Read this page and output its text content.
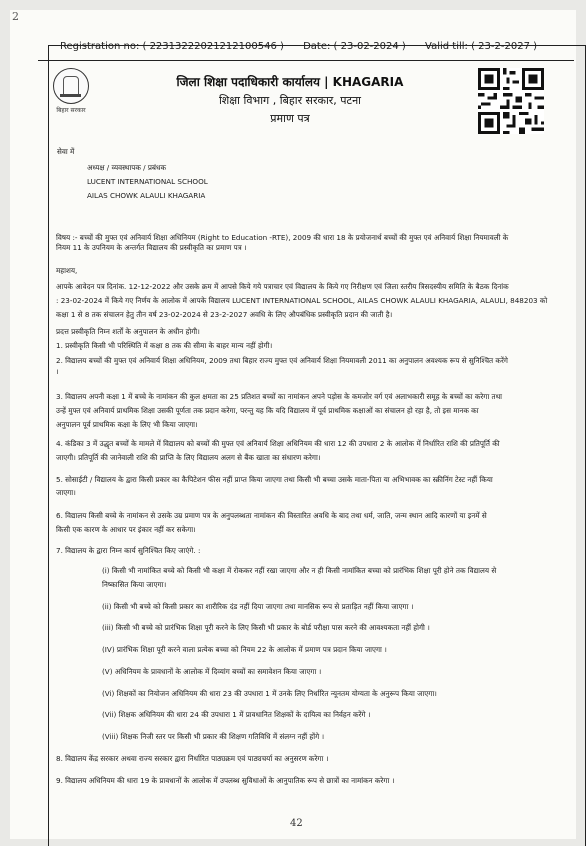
2
Registration no: ( 22313222021212100546 ) Date: ( 23-02-2024 ) Valid till: ( 23-2-2027 )
बिहार सरकार
जिला शिक्षा पदाधिकारी कार्यालय | KHAGARIA
शिक्षा विभाग , बिहार सरकार, पटना
प्रमाण पत्र
सेवा में
अध्यक्ष / व्यवस्थापक / प्रबंधक
LUCENT INTERNATIONAL SCHOOL
AILAS CHOWK ALAULI KHAGARIA
विषय :- बच्चों की मुफ्त एवं अनिवार्य शिक्षा अधिनियम (Right to Education -RTE), 2009 की धारा 18 के प्रयोजनार्थ बच्चों की मुफ्त एवं अनिवार्य शिक्षा नियमावली के
नियम 11 के उपनियम के अन्तर्गत विद्यालय की प्रस्वीकृति का प्रमाण पत्र ।
महाशय,
आपके आवेदन पत्र दिनांक. 12-12-2022 और उसके क्रम में आपसे किये गये पत्राचार एवं विद्यालय के किये गए निरीक्षण एवं जिला स्तरीय त्रिसदस्यीय समिति के बैठक दिनांक
: 23-02-2024 में किये गए निर्णय के आलोक में आपके विद्यालय LUCENT INTERNATIONAL SCHOOL, AILAS CHOWK ALAULI KHAGARIA, ALAULI, 848203 को
कक्षा 1 से 8 तक संचालन हेतु तीन वर्ष 23-02-2024 से 23-2-2027 अवधि के लिए औपबंधिक प्रस्वीकृति प्रदान की जाती है।
प्रदत्त प्रस्वीकृति निम्न शर्तों के अनुपालन के अधीन होगी।
1. प्रस्वीकृति किसी भी परिस्थिति में कक्षा 8 तक की सीमा के बाहर मान्य नहीं होगी।
2. विद्यालय बच्चों की मुफ्त एवं अनिवार्य शिक्षा अधिनियम, 2009 तथा बिहार राज्य मुफ्त एवं अनिवार्य शिक्षा नियमावली 2011 का अनुपालन अवश्यक रूप से सुनिश्चित करेंगे
।
3. विद्यालय अपनी कक्षा 1 में बच्चे के नामांकन की कुल क्षमता का 25 प्रतिशत बच्चों का नामांकन अपने पड़ोस के कमजोर वर्ग एवं अलाभकारी समूह के बच्चों का करेगा तथा
उन्हें मुफ्त एवं अनिवार्य प्राथमिक शिक्षा उसकी पूर्णता तक प्रदान करेगा, परन्तु यह कि यदि विद्यालय में पूर्व प्राथमिक कक्षाओं का संचालन हो रहा है, तो इस मानक का
अनुपालन पूर्व प्राथमिक कक्षा के लिए भी किया जाएगा।
4. कंडिका 3 में उद्धृत बच्चों के मामले में विद्यालय को बच्चों की मुफ्त एवं अनिवार्य शिक्षा अधिनियम की धारा 12 की उपधारा 2 के आलोक में निर्धारित राशि की प्रतिपूर्ति की
जाएगी। प्रतिपूर्ति की जानेवाली राशि की प्राप्ति के लिए विद्यालय अलग से बैंक खाता का संधारण करेगा।
5. सोसाईटी / विद्यालय के द्वारा किसी प्रकार का कैपिटेशन फीस नहीं प्राप्त किया जाएगा तथा किसी भी बच्चा उसके माता-पिता या अभिभावक का स्क्रीनिंग टेस्ट नहीं किया
जाएगा।
6. विद्यालय किसी बच्चे के नामांकन से उसके उम्र प्रमाण पत्र के अनुपलब्धता नामांकन की विस्तारित अवधि के बाद तथा धर्म, जाति, जन्म स्थान आदि कारणों या इनमें से
किसी एक कारण के आधार पर इंकार नहीं कर सकेगा।
7. विद्यालय के द्वारा निम्न कार्य सुनिश्चित किए जाएंगे. :
(i) किसी भी नामांकित बच्चे को किसी भी कक्षा में रोककर नहीं रखा जाएगा और न ही किसी नामांकित बच्चा को प्रारंभिक शिक्षा पूरी होने तक विद्यालय से
निष्कासित किया जाएगा।
(ii) किसी भी बच्चे को किसी प्रकार का शारीरिक दंड नहीं दिया जाएगा तथा मानसिक रूप से प्रताड़ित नहीं किया जाएगा ।
(iii) किसी भी बच्चे को प्रारंभिक शिक्षा पूरी करने के लिए किसी भी प्रकार के बोर्ड परीक्षा पास करने की आवश्यकता नहीं होगी ।
(IV) प्रारंभिक शिक्षा पूरी करने वाला प्रत्येक बच्चा को नियम 22 के आलोक में प्रमाण पत्र प्रदान किया जाएगा ।
(V) अधिनियम के प्रावधानों के आलोक में दिव्यांग बच्चों का समावेशन किया जाएगा ।
(Vi) शिक्षकों का नियोजन अधिनियम की धारा 23 की उपधारा 1 में उनके लिए निर्धारित न्यूनतम योग्यता के अनुरूप किया जाएगा।
(Vii) शिक्षक अधिनियम की धारा 24 की उपधारा 1 में प्रावधानित शिक्षकों के दायित्व का निर्वहन करेंगे ।
(Viii) शिक्षक निजी स्तर पर किसी भी प्रकार की शिक्षण गतिविधि में संलग्न नहीं होंगे ।
8. विद्यालय केंद्र सरकार अथवा राज्य सरकार द्वारा निर्धारित पाठ्यक्रम एवं पाठ्यचर्या का अनुसरण करेगा ।
9. विद्यालय अधिनियम की धारा 19 के प्रावधानों के आलोक में उपलब्ध सुविधाओं के आनुपातिक रूप से छात्रों का नामांकन करेगा ।
42
